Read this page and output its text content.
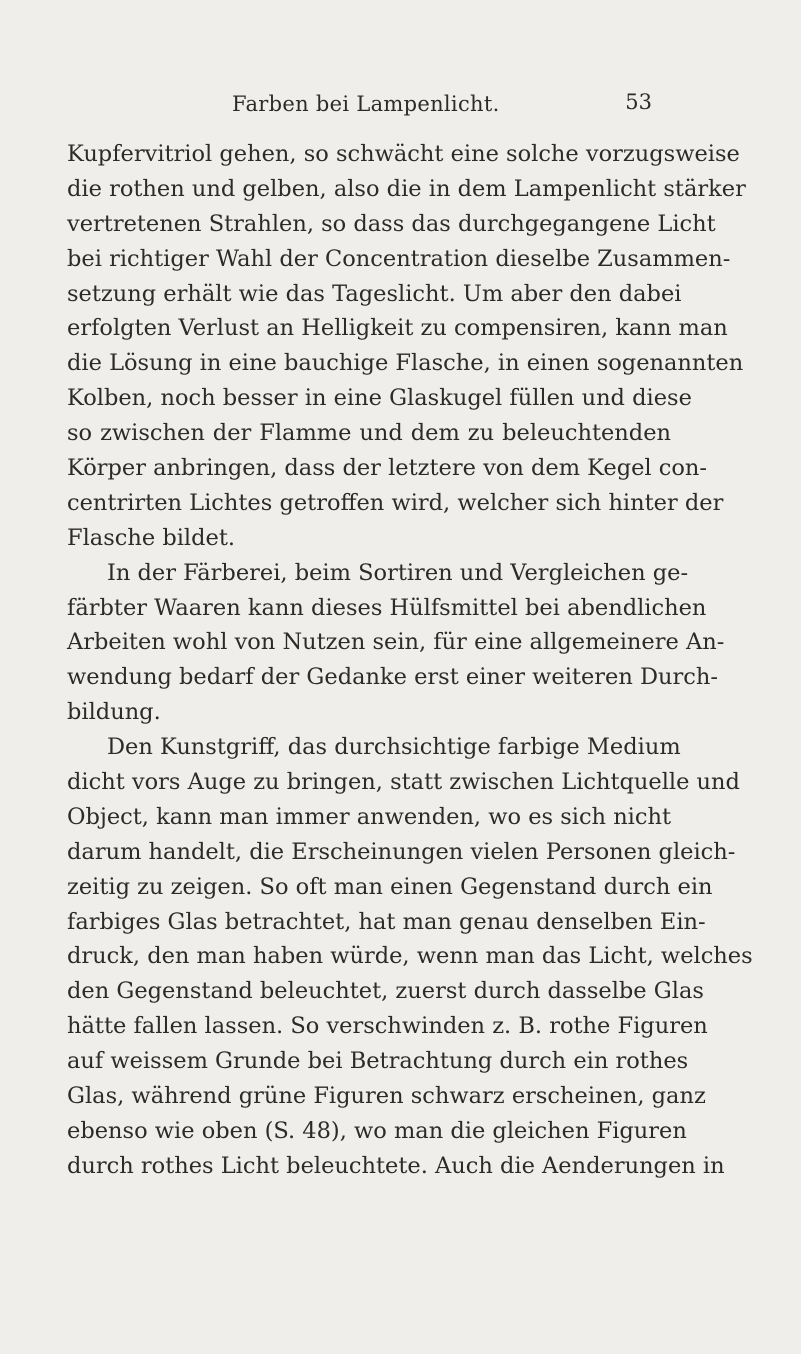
Farben bei Lampenlicht.	53
Kupfervitriol gehen, so schwächt eine solche vorzugsweise
die rothen und gelben, also die in dem Lampenlicht stärker
vertretenen Strahlen, so dass das durchgegangene Licht
bei richtiger Wahl der Concentration dieselbe Zusammen-
setzung erhält wie das Tageslicht. Um aber den dabei
erfolgten Verlust an Helligkeit zu compensiren, kann man
die Lösung in eine bauchige Flasche, in einen sogenannten
Kolben, noch besser in eine Glaskugel füllen und diese
so zwischen der Flamme und dem zu beleuchtenden
Körper anbringen, dass der letztere von dem Kegel con-
centrirten Lichtes getroffen wird, welcher sich hinter der
Flasche bildet.
In der Färberei, beim Sortiren und Vergleichen ge-
färbter Waaren kann dieses Hülfsmittel bei abendlichen
Arbeiten wohl von Nutzen sein, für eine allgemeinere An-
wendung bedarf der Gedanke erst einer weiteren Durch-
bildung.
Den Kunstgriff, das durchsichtige farbige Medium
dicht vors Auge zu bringen, statt zwischen Lichtquelle und
Object, kann man immer anwenden, wo es sich nicht
darum handelt, die Erscheinungen vielen Personen gleich-
zeitig zu zeigen. So oft man einen Gegenstand durch ein
farbiges Glas betrachtet, hat man genau denselben Ein-
druck, den man haben würde, wenn man das Licht, welches
den Gegenstand beleuchtet, zuerst durch dasselbe Glas
hätte fallen lassen. So verschwinden z. B. rothe Figuren
auf weissem Grunde bei Betrachtung durch ein rothes
Glas, während grüne Figuren schwarz erscheinen, ganz
ebenso wie oben (S. 48), wo man die gleichen Figuren
durch rothes Licht beleuchtete. Auch die Aenderungen in
